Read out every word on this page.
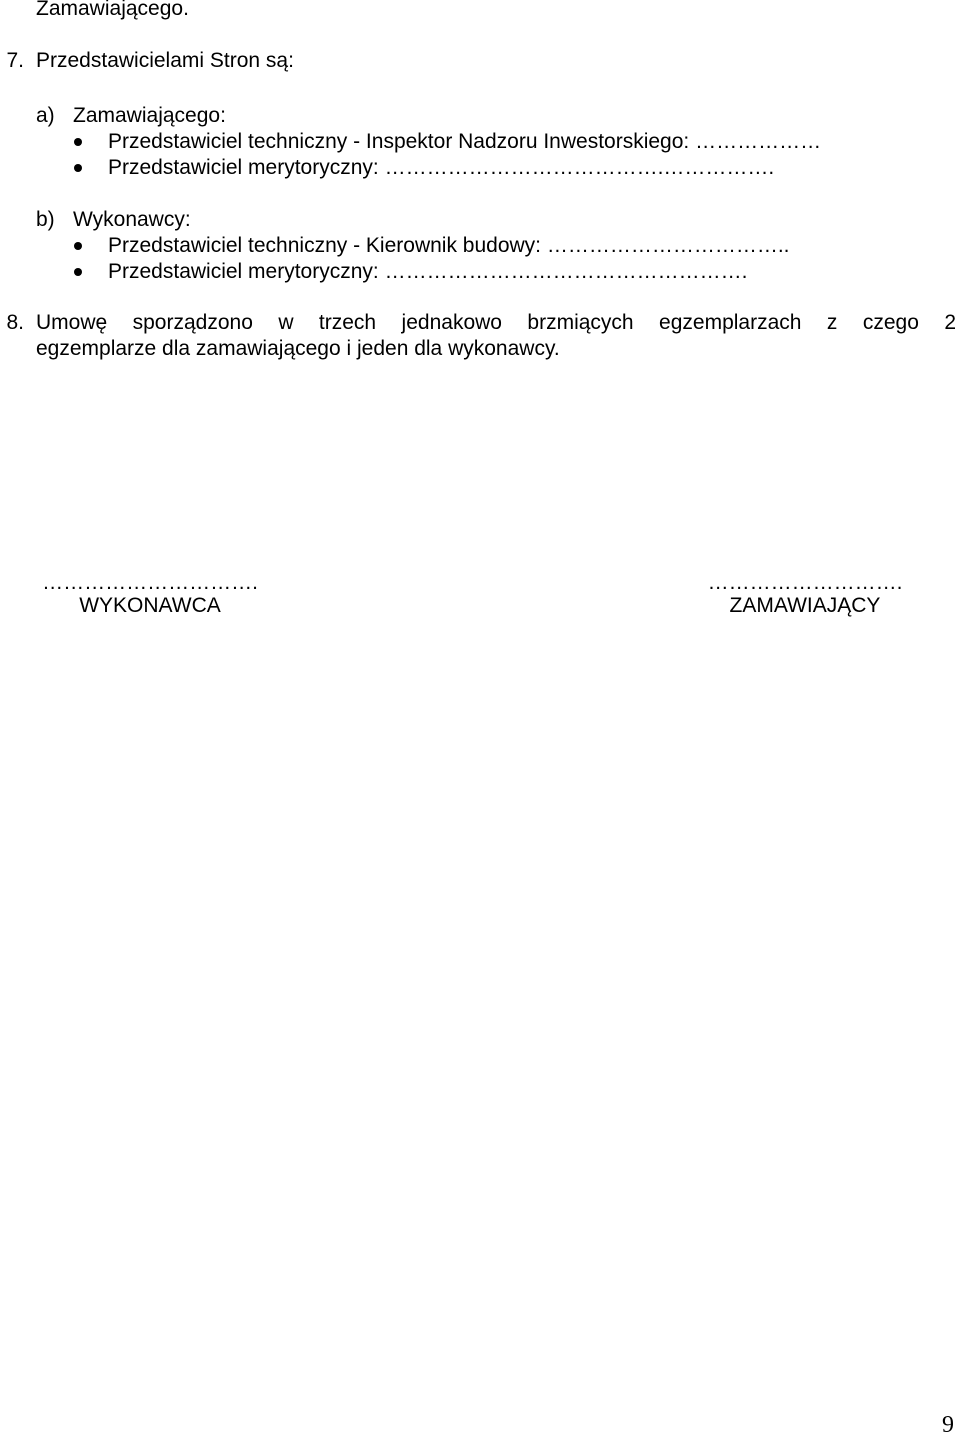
Zamawiającego.
7. Przedstawicielami Stron są:
a) Zamawiającego:
Przedstawiciel techniczny - Inspektor Nadzoru Inwestorskiego: ………………
Przedstawiciel merytoryczny: ………………………………….…………….
b) Wykonawcy:
Przedstawiciel techniczny - Kierownik budowy: ……………………………..
Przedstawiciel merytoryczny: …………………………………………….
8. Umowę sporządzono w trzech jednakowo brzmiących egzemplarzach z czego 2
egzemplarze dla zamawiającego i jeden dla wykonawcy.
………………………….
WYKONAWCA
……………………….
ZAMAWIAJĄCY
9
